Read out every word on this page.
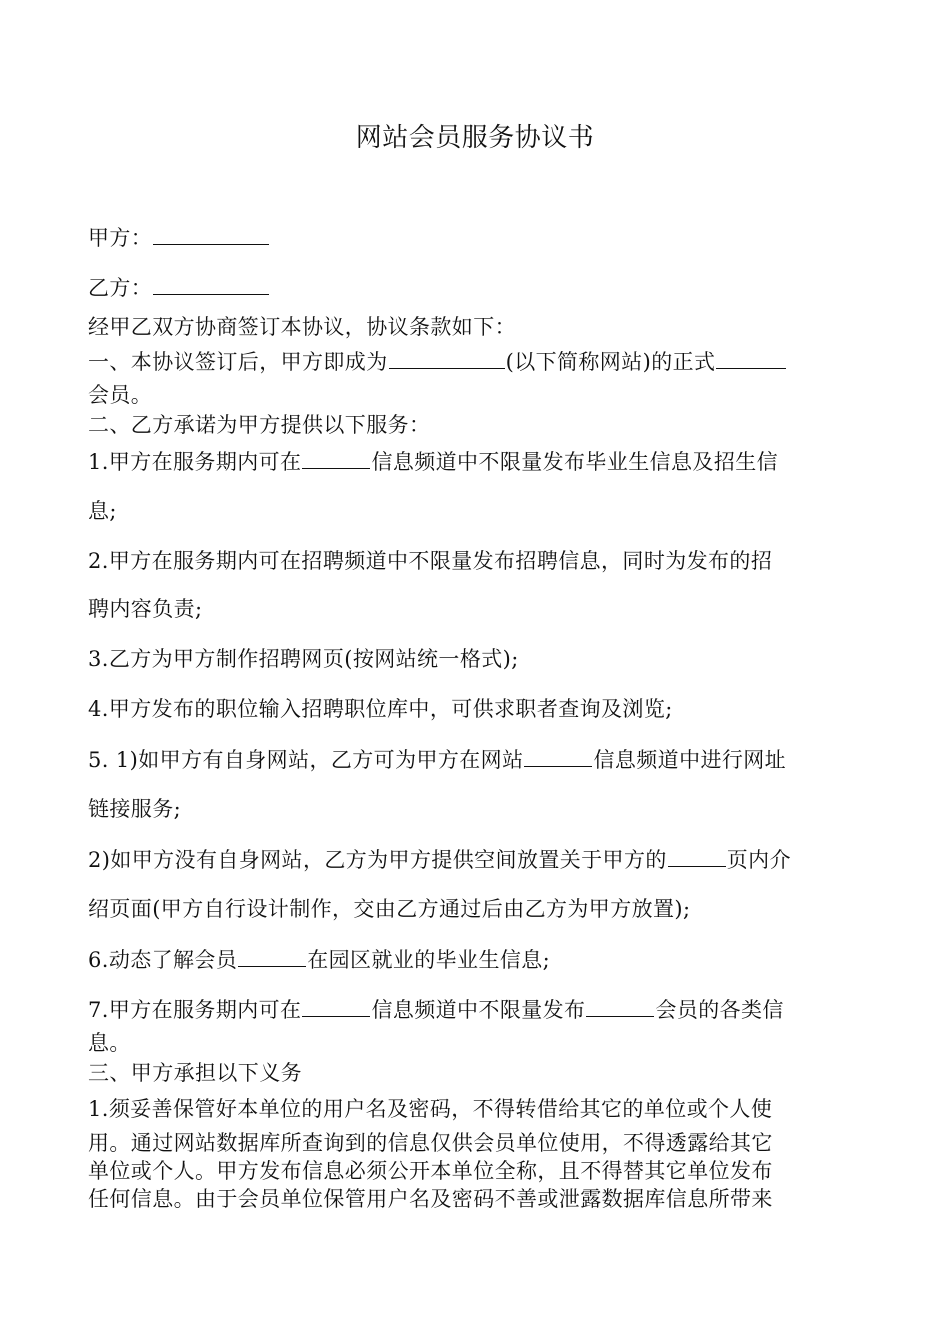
网站会员服务协议书
甲方：
乙方：
经甲乙双方协商签订本协议，协议条款如下：
一、本协议签订后，甲方即成为	(以下简称网站)的正式
会员。
二、乙方承诺为甲方提供以下服务：
1.甲方在服务期内可在	信息频道中不限量发布毕业生信息及招生信
息;
2.甲方在服务期内可在招聘频道中不限量发布招聘信息，同时为发布的招
聘内容负责;
3.乙方为甲方制作招聘网页(按网站统一格式);
4.甲方发布的职位输入招聘职位库中，可供求职者查询及浏览;
5. 1)如甲方有自身网站，乙方可为甲方在网站	信息频道中进行网址
链接服务;
2)如甲方没有自身网站，乙方为甲方提供空间放置关于甲方的	页内介
绍页面(甲方自行设计制作，交由乙方通过后由乙方为甲方放置);
6.动态了解会员	在园区就业的毕业生信息;
7.甲方在服务期内可在	信息频道中不限量发布	会员的各类信
息。
三、甲方承担以下义务
1.须妥善保管好本单位的用户名及密码，不得转借给其它的单位或个人使
用。通过网站数据库所查询到的信息仅供会员单位使用，不得透露给其它
单位或个人。甲方发布信息必须公开本单位全称，且不得替其它单位发布
任何信息。由于会员单位保管用户名及密码不善或泄露数据库信息所带来
